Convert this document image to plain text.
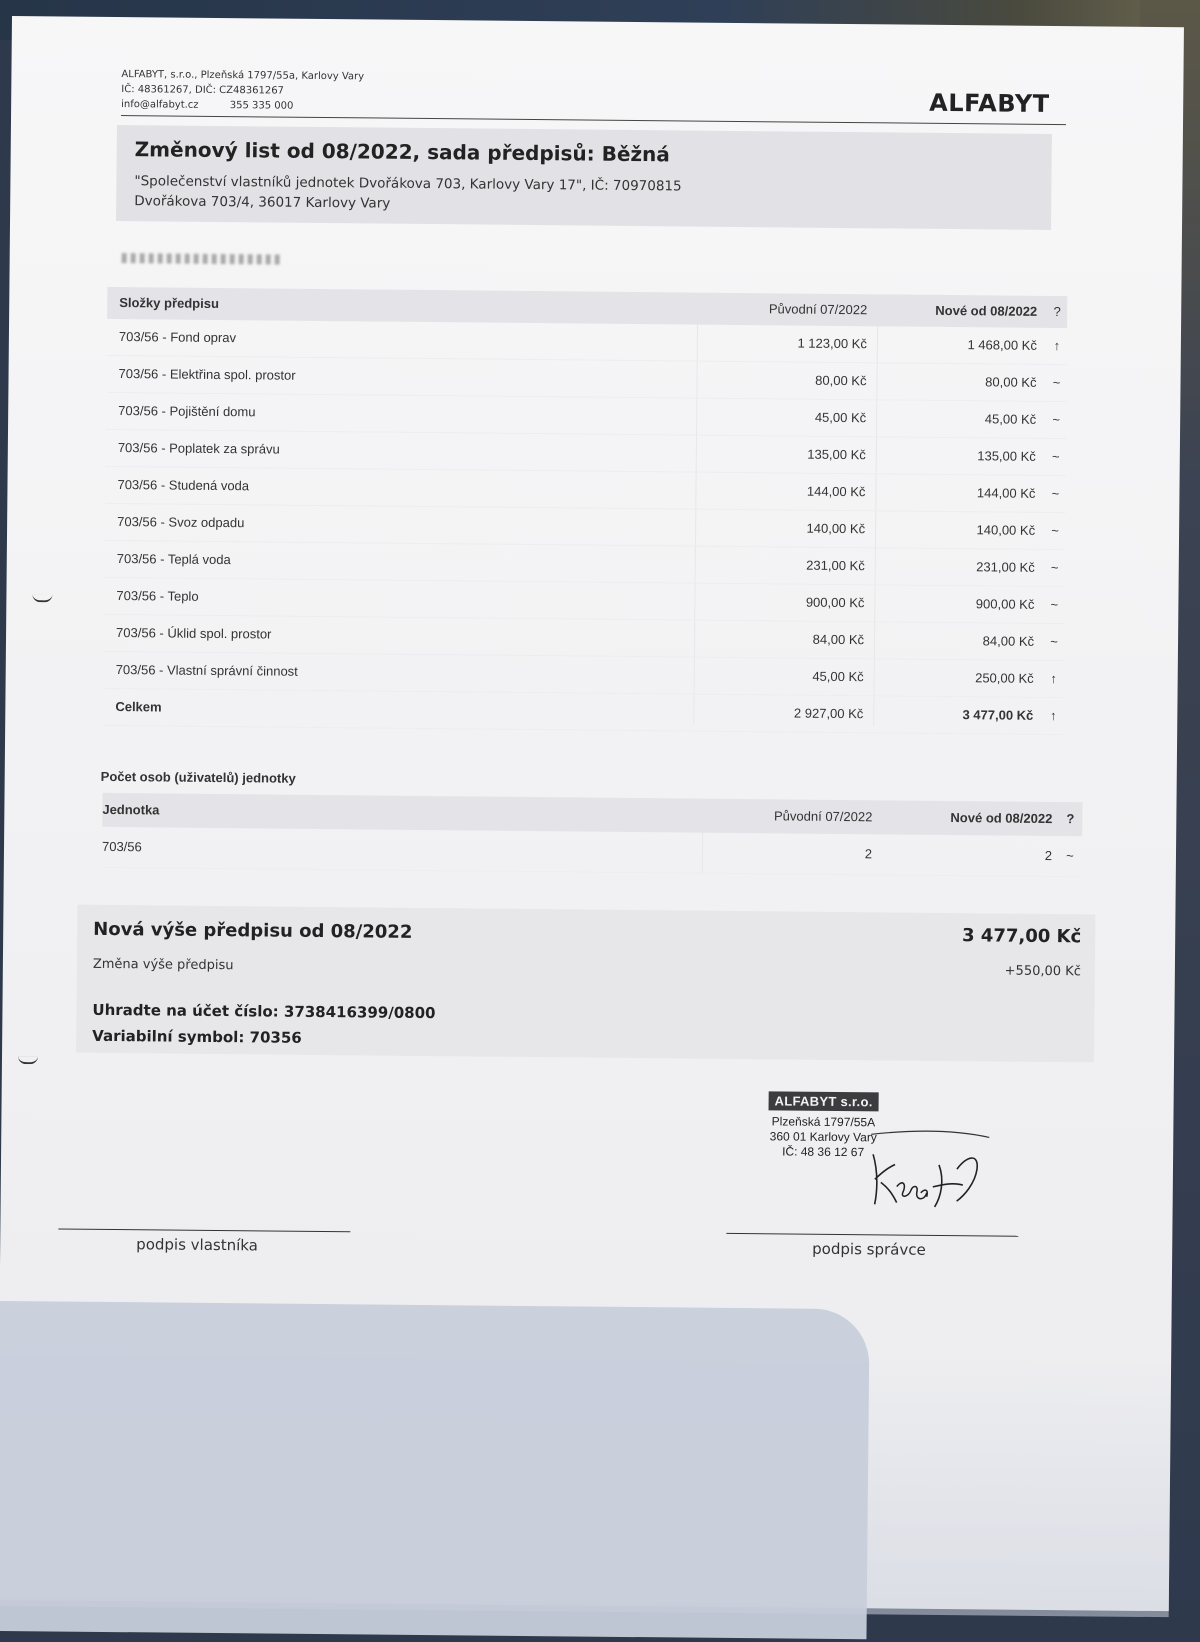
ALFABYT, s.r.o., Plzeňská 1797/55a, Karlovy Vary
IČ: 48361267, DIČ: CZ48361267
info@alfabyt.cz	355 335 000	ALFABYT
Změnový list od 08/2022, sada předpisů: Běžná
"Společenství vlastníků jednotek Dvořákova 703, Karlovy Vary 17", IČ: 70970815
Dvořákova 703/4, 36017 Karlovy Vary
Složky předpisu	Původní 07/2022	Nové od 08/2022	?
703/56 - Fond oprav	1 123,00 Kč	1 468,00 Kč	↑
703/56 - Elektřina spol. prostor	80,00 Kč	80,00 Kč	~
703/56 - Pojištění domu	45,00 Kč	45,00 Kč	~
703/56 - Poplatek za správu	135,00 Kč	135,00 Kč	~
703/56 - Studená voda	144,00 Kč	144,00 Kč	~
703/56 - Svoz odpadu	140,00 Kč	140,00 Kč	~
703/56 - Teplá voda	231,00 Kč	231,00 Kč	~
703/56 - Teplo	900,00 Kč	900,00 Kč	~
703/56 - Úklid spol. prostor	84,00 Kč	84,00 Kč	~
703/56 - Vlastní správní činnost	45,00 Kč	250,00 Kč	↑
Celkem	2 927,00 Kč	3 477,00 Kč	↑
Počet osob (uživatelů) jednotky
Jednotka	Původní 07/2022	Nové od 08/2022	?
703/56	2	2	~
Nová výše předpisu od 08/2022	3 477,00 Kč
Změna výše předpisu	+550,00 Kč
Uhradte na účet číslo: 3738416399/0800
Variabilní symbol: 70356
ALFABYT s.r.o.
Plzeňská 1797/55A
360 01 Karlovy Vary
IČ: 48 36 12 67
podpis vlastníka	podpis správce
